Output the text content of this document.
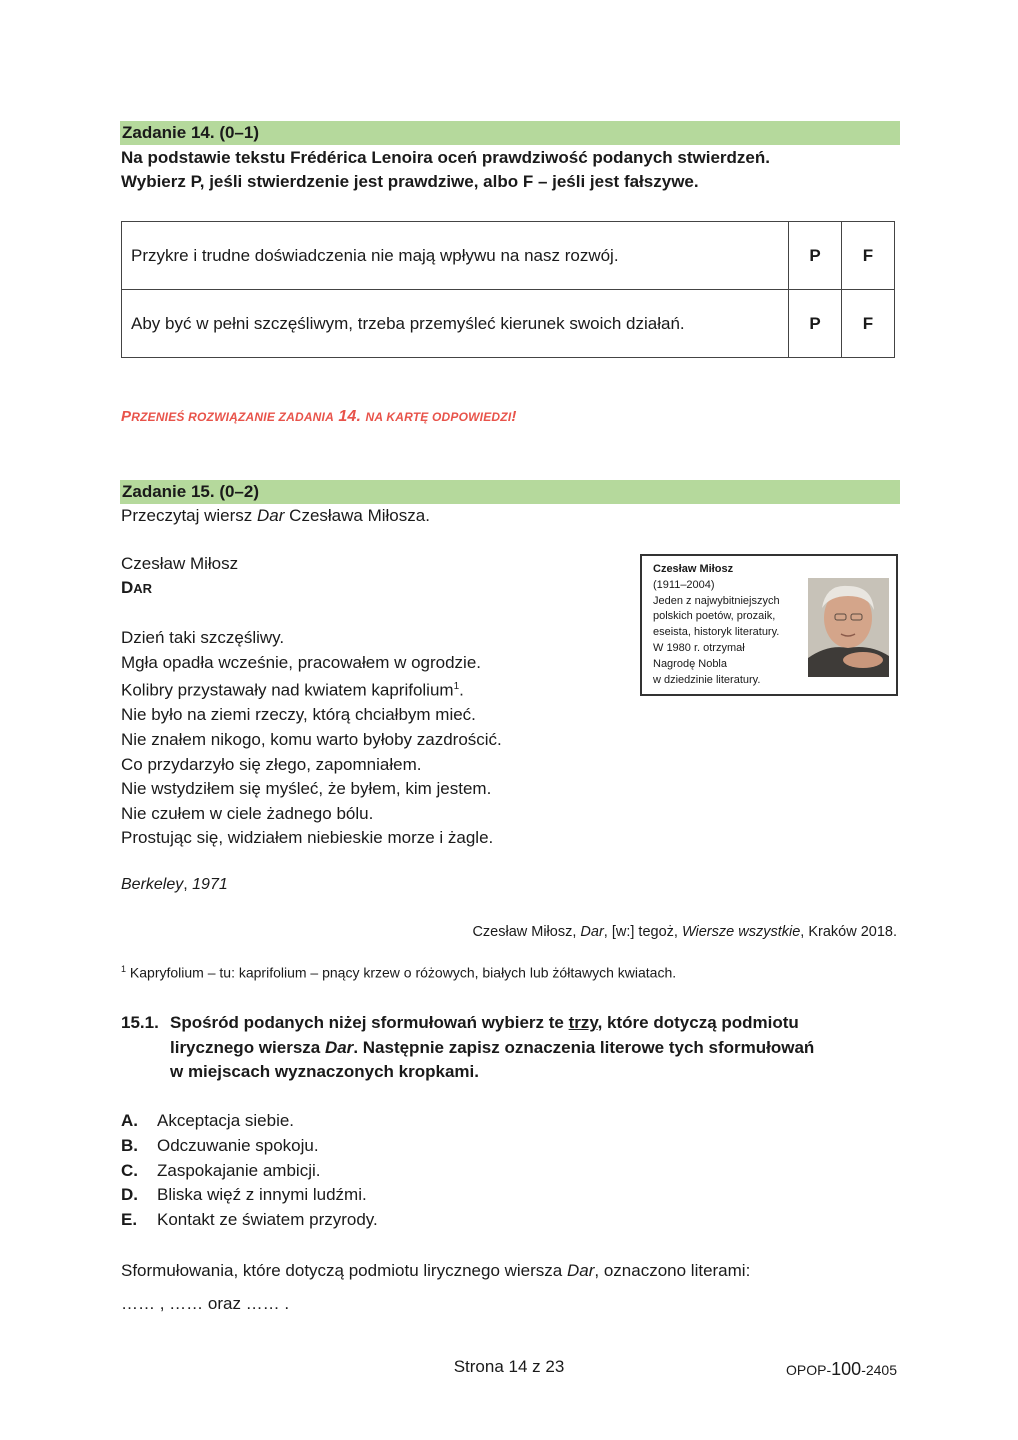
Zadanie 14. (0–1)
Na podstawie tekstu Frédérica Lenoira oceń prawdziwość podanych stwierdzeń.
Wybierz P, jeśli stwierdzenie jest prawdziwe, albo F – jeśli jest fałszywe.
Przykre i trudne doświadczenia nie mają wpływu na nasz rozwój.	P	F
Aby być w pełni szczęśliwym, trzeba przemyśleć kierunek swoich działań.	P	F
PRZENIEŚ ROZWIĄZANIE ZADANIA 14. NA KARTĘ ODPOWIEDZI!
Zadanie 15. (0–2)
Przeczytaj wiersz Dar Czesława Miłosza.
Czesław Miłosz
DAR
Dzień taki szczęśliwy.
Mgła opadła wcześnie, pracowałem w ogrodzie.
Kolibry przystawały nad kwiatem kaprifolium$^1$.
Nie było na ziemi rzeczy, którą chciałbym mieć.
Nie znałem nikogo, komu warto byłoby zazdrościć.
Co przydarzyło się złego, zapomniałem.
Nie wstydziłem się myśleć, że byłem, kim jestem.
Nie czułem w ciele żadnego bólu.
Prostując się, widziałem niebieskie morze i żagle.
Czesław Miłosz
(1911–2004)
Jeden z najwybitniejszych
polskich poetów, prozaik,
eseista, historyk literatury.
W 1980 r. otrzymał
Nagrodę Nobla
w dziedzinie literatury.
Berkeley, 1971
Czesław Miłosz, Dar, [w:] tegoż, Wiersze wszystkie, Kraków 2018.
$^1$ Kapryfolium – tu: kaprifolium – pnący krzew o różowych, białych lub żółtawych kwiatach.
15.1. Spośród podanych niżej sformułowań wybierz te trzy, które dotyczą podmiotu
lirycznego wiersza Dar. Następnie zapisz oznaczenia literowe tych sformułowań
w miejscach wyznaczonych kropkami.
A. Akceptacja siebie.
B. Odczuwanie spokoju.
C. Zaspokajanie ambicji.
D. Bliska więź z innymi ludźmi.
E. Kontakt ze światem przyrody.
Sformułowania, które dotyczą podmiotu lirycznego wiersza Dar, oznaczono literami:
…… , …… oraz …… .
Strona 14 z 23	OPOP-100-2405
